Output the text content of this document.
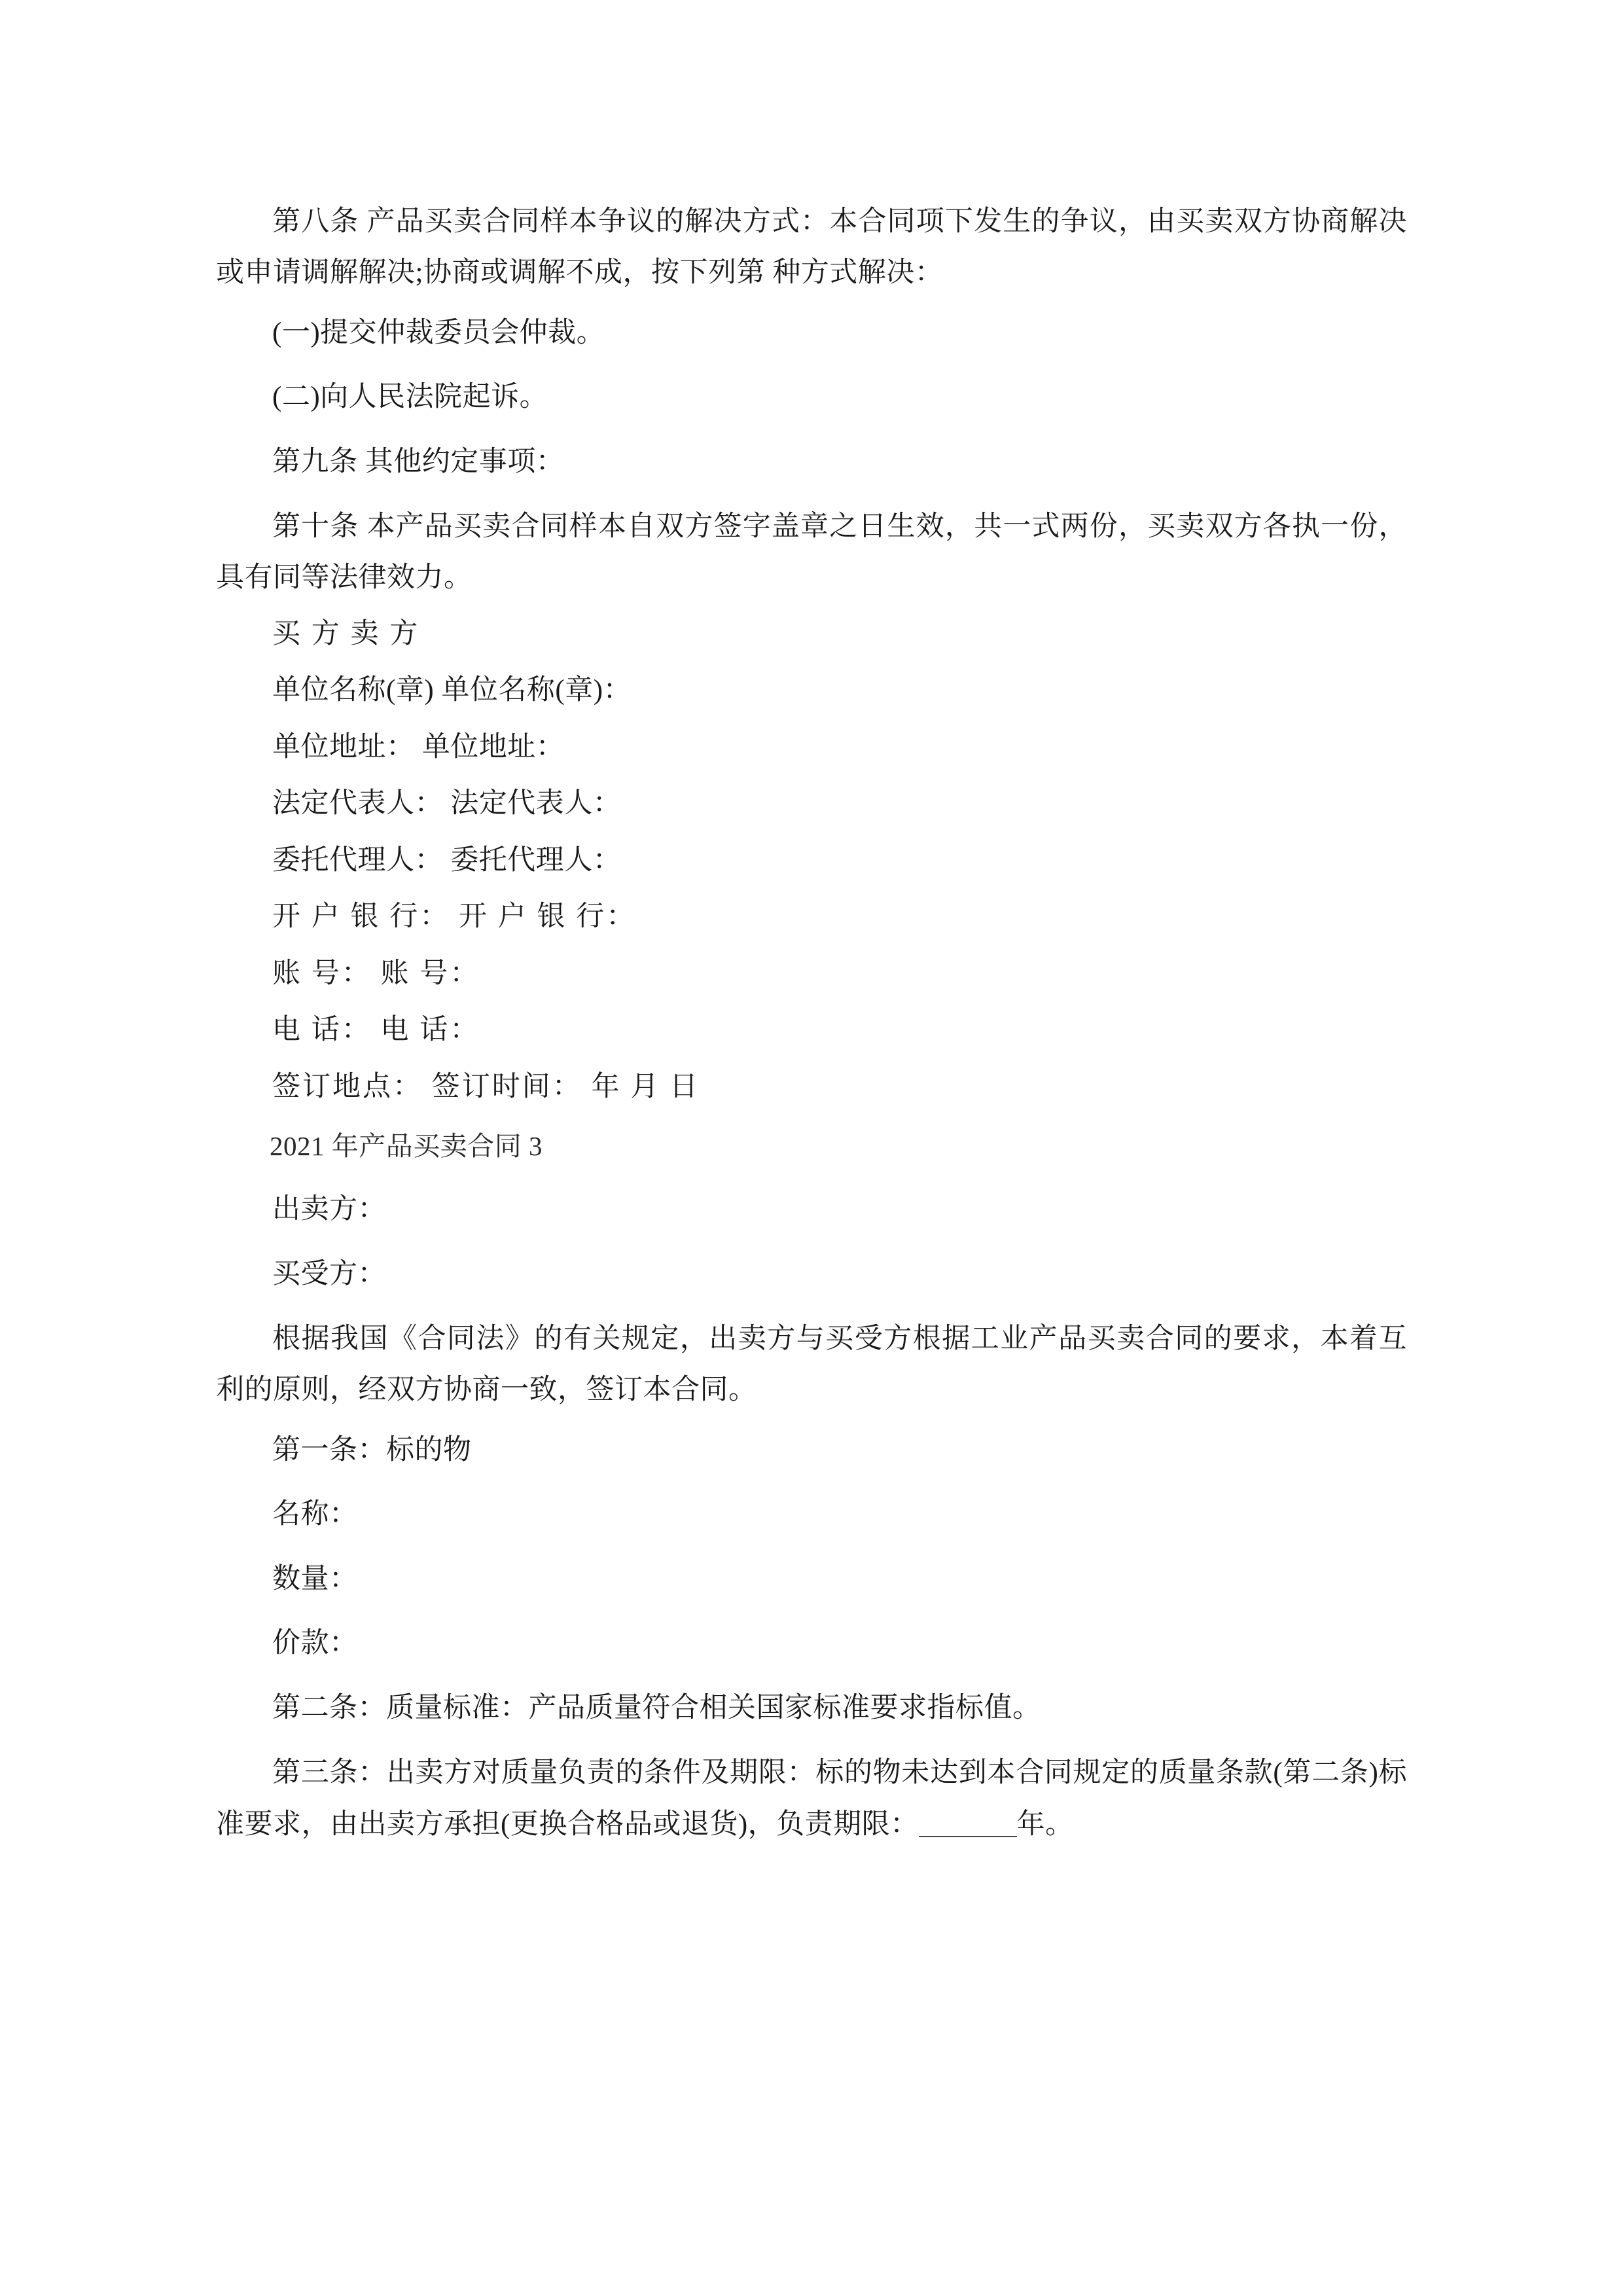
第八条 产品买卖合同样本争议的解决方式：本合同项下发生的争议，由买卖双方协商解决或申请调解解决;协商或调解不成，按下列第 种方式解决：

(一)提交仲裁委员会仲裁。

(二)向人民法院起诉。

第九条 其他约定事项：

第十条 本产品买卖合同样本自双方签字盖章之日生效，共一式两份，买卖双方各执一份，具有同等法律效力。

买 方 卖 方

单位名称(章) 单位名称(章)：

单位地址： 单位地址：

法定代表人： 法定代表人：

委托代理人： 委托代理人：

开 户 银 行： 开 户 银 行：

账 号： 账 号：

电 话： 电 话：

签订地点： 签订时间： 年 月 日

2021 年产品买卖合同 3

出卖方：

买受方：

根据我国《合同法》的有关规定，出卖方与买受方根据工业产品买卖合同的要求，本着互利的原则，经双方协商一致，签订本合同。

第一条：标的物

名称：

数量：

价款：

第二条：质量标准：产品质量符合相关国家标准要求指标值。

第三条：出卖方对质量负责的条件及期限：标的物未达到本合同规定的质量条款(第二条)标准要求，由出卖方承担(更换合格品或退货)，负责期限：	年。
